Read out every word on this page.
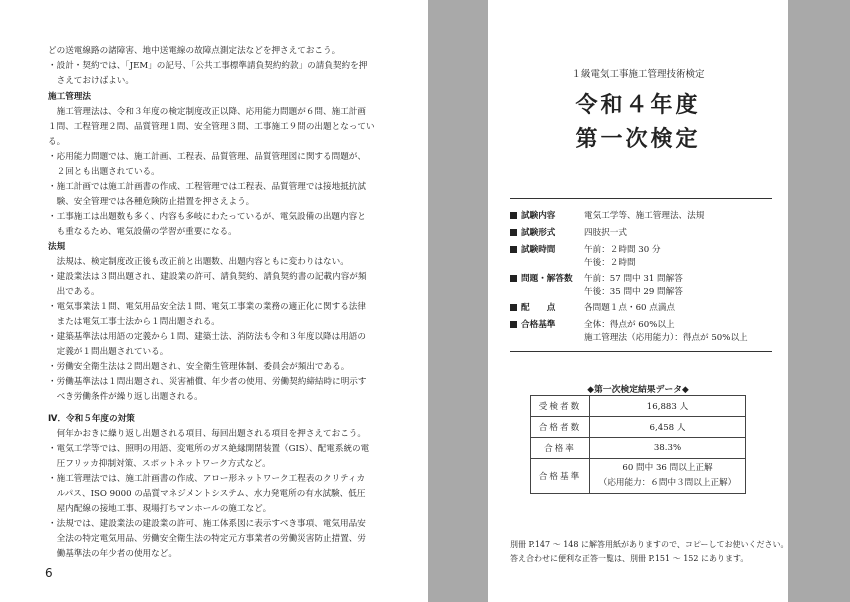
どの送電線路の諸障害、地中送電線の故障点測定法などを押さえておこう。
・設計・契約では、「JEM」の記号、「公共工事標準請負契約約款」の請負契約を押
　さえておけばよい。
施工管理法
　施工管理法は、令和３年度の検定制度改正以降、応用能力問題が６問、施工計画
１問、工程管理２問、品質管理１問、安全管理３問、工事施工９問の出題となってい
る。
・応用能力問題では、施工計画、工程表、品質管理、品質管理図に関する問題が、
　２回とも出題されている。
・施工計画では施工計画書の作成、工程管理では工程表、品質管理では接地抵抗試
　験、安全管理では各種危険防止措置を押さえよう。
・工事施工は出題数も多く、内容も多岐にわたっているが、電気設備の出題内容と
　も重なるため、電気設備の学習が重要になる。
法規
　法規は、検定制度改正後も改正前と出題数、出題内容ともに変わりはない。
・建設業法は３問出題され、建設業の許可、請負契約、請負契約書の記載内容が頻
　出である。
・電気事業法１問、電気用品安全法１問、電気工事業の業務の適正化に関する法律
　または電気工事士法から１問出題される。
・建築基準法は用語の定義から１問、建築士法、消防法も令和３年度以降は用語の
　定義が１問出題されている。
・労働安全衛生法は２問出題され、安全衛生管理体制、委員会が頻出である。
・労働基準法は１問出題され、災害補償、年少者の使用、労働契約締結時に明示す
　べき労働条件が繰り返し出題される。
Ⅳ．令和５年度の対策
　何年かおきに繰り返し出題される項目、毎回出題される項目を押さえておこう。
・電気工学等では、照明の用語、変電所のガス絶縁開閉装置（GIS）、配電系統の電
　圧フリッカ抑制対策、スポットネットワーク方式など。
・施工管理法では、施工計画書の作成、アロー形ネットワーク工程表のクリティカ
　ルパス、ISO 9000 の品質マネジメントシステム、水力発電所の有水試験、低圧
　屋内配線の接地工事、現場打ちマンホールの施工など。
・法規では、建設業法の建設業の許可、施工体系図に表示すべき事項、電気用品安
　全法の特定電気用品、労働安全衛生法の特定元方事業者の労働災害防止措置、労
　働基準法の年少者の使用など。
6
１級電気工事施工管理技術検定
令和４年度
第一次検定
試験内容	電気工学等、施工管理法、法規
試験形式	四肢択一式
試験時間	午前：２時間 30 分
午後：２時間
問題・解答数 午前：57 問中 31 問解答
午後：35 問中 29 問解答
配　　点	各問題１点・60 点満点
合格基準	全体：得点が 60%以上
施工管理法（応用能力）：得点が 50%以上
◆第一次検定結果データ◆
受検者数	16,883 人
合格者数	6,458 人
合格率	38.3%
合格基準	60 問中 36 問以上正解
（応用能力：６問中３問以上正解）
別冊 P.147 ～ 148 に解答用紙がありますので、コピーしてお使いください。
答え合わせに便利な正答一覧は、別冊 P.151 ～ 152 にあります。
